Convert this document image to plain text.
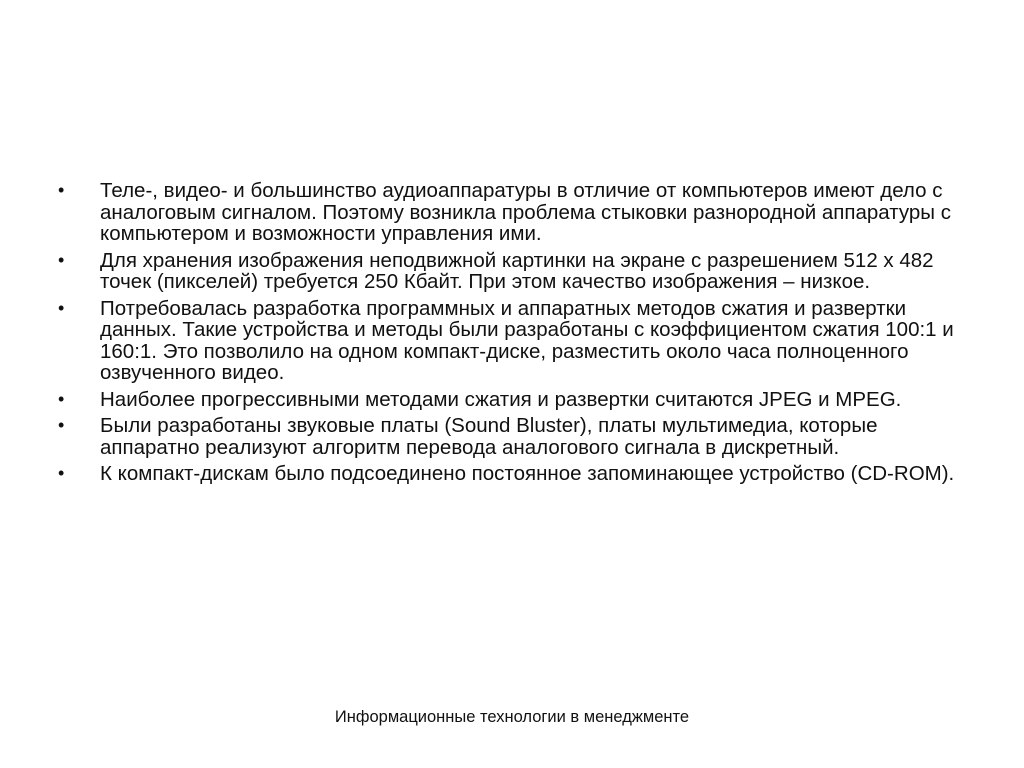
• Теле-, видео- и большинство аудиоаппаратуры в отличие от компьютеров имеют дело с аналоговым сигналом. Поэтому возникла проблема стыковки разнородной аппаратуры с компьютером и возможности управления ими.
• Для хранения изображения неподвижной картинки на экране с разрешением 512 x 482 точек (пикселей) требуется 250 Кбайт. При этом качество изображения – низкое.
• Потребовалась разработка программных и аппаратных методов сжатия и развертки данных. Такие устройства и методы были разработаны с коэффициентом сжатия 100:1 и 160:1. Это позволило на одном компакт-диске, разместить около часа полноценного озвученного видео.
• Наиболее прогрессивными методами сжатия и развертки считаются JPEG и MPEG.
• Были разработаны звуковые платы (Sound Bluster), платы мультимедиа, которые аппаратно реализуют алгоритм перевода аналогового сигнала в дискретный.
• К компакт-дискам было подсоединено постоянное запоминающее устройство (CD-ROM).
Информационные технологии в менеджменте
